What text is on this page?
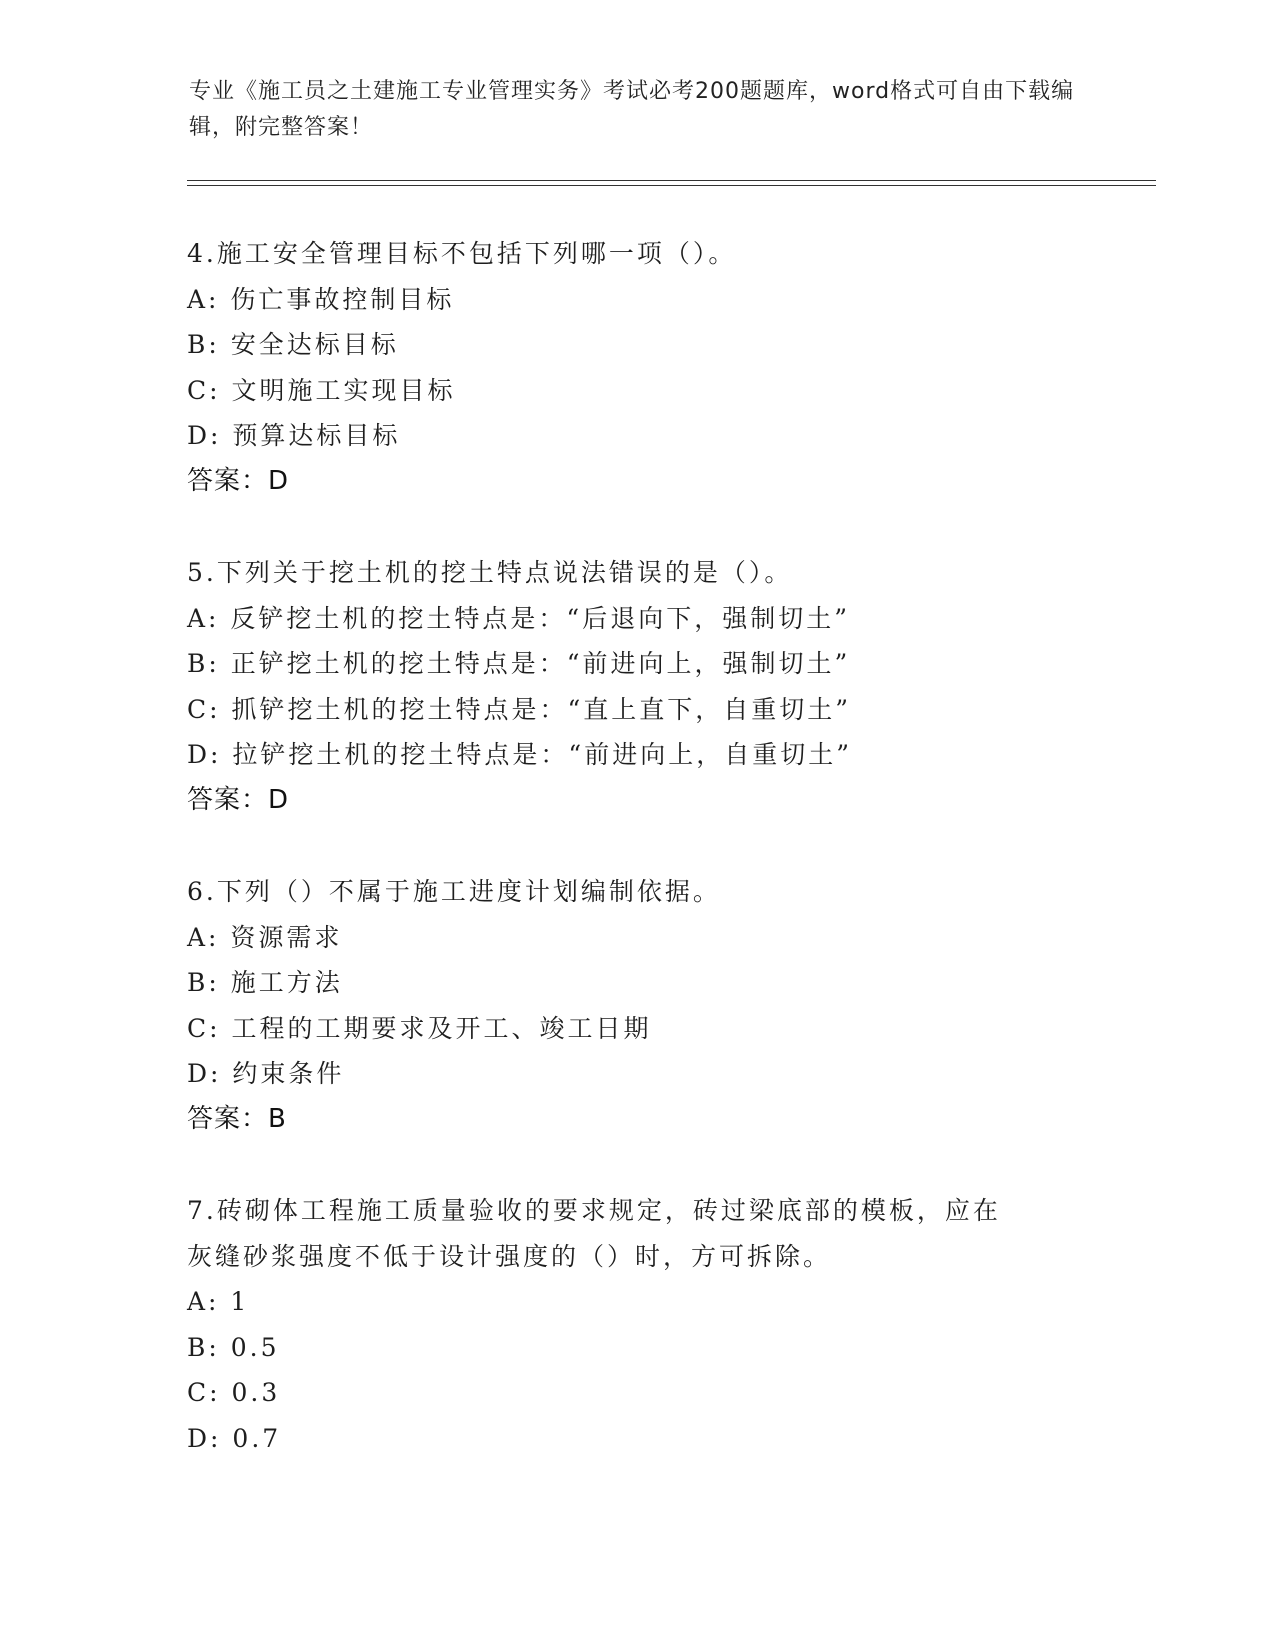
专业《施工员之土建施工专业管理实务》考试必考200题题库，word格式可自由下载编辑，附完整答案！
4.施工安全管理目标不包括下列哪一项（）。
A: 伤亡事故控制目标
B: 安全达标目标
C: 文明施工实现目标
D: 预算达标目标
答案：D
5.下列关于挖土机的挖土特点说法错误的是（）。
A: 反铲挖土机的挖土特点是：“后退向下，强制切土”
B: 正铲挖土机的挖土特点是：“前进向上，强制切土”
C: 抓铲挖土机的挖土特点是：“直上直下，自重切土”
D: 拉铲挖土机的挖土特点是：“前进向上，自重切土”
答案：D
6.下列（）不属于施工进度计划编制依据。
A: 资源需求
B: 施工方法
C: 工程的工期要求及开工、竣工日期
D: 约束条件
答案：B
7.砖砌体工程施工质量验收的要求规定，砖过梁底部的模板，应在灰缝砂浆强度不低于设计强度的（）时，方可拆除。
A: 1
B: 0.5
C: 0.3
D: 0.7
